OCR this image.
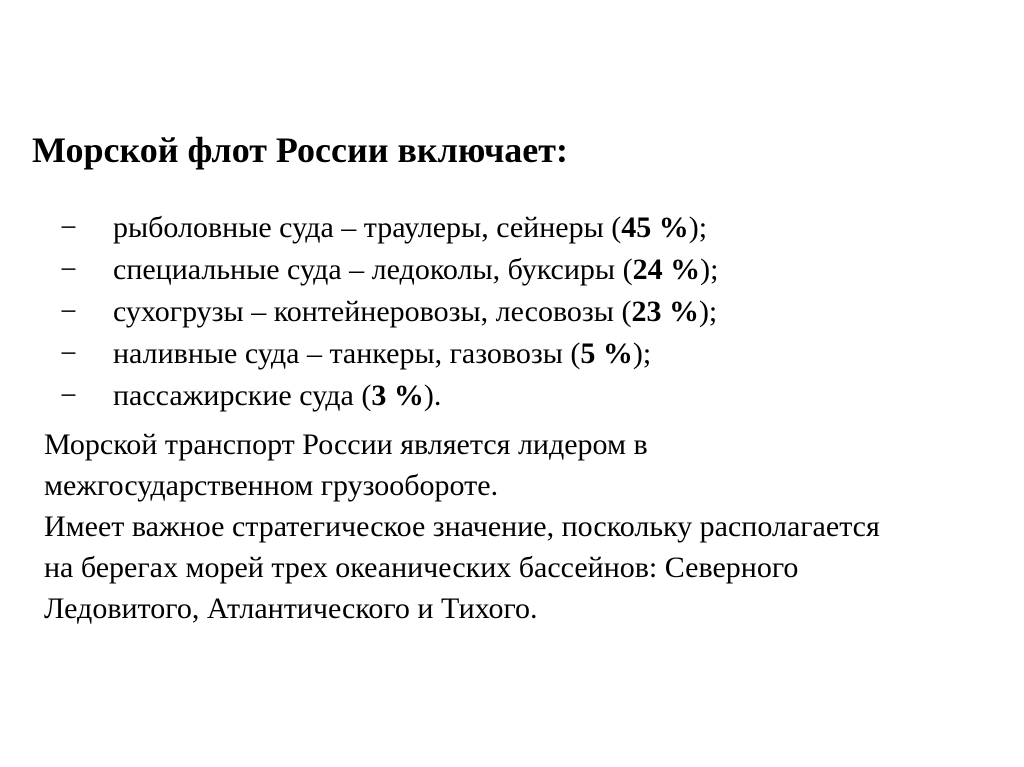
Морской флот России включает:
−	рыболовные суда – траулеры, сейнеры (45 %);
−	специальные суда – ледоколы, буксиры (24 %);
−	сухогрузы – контейнеровозы, лесовозы (23 %);
−	наливные суда – танкеры, газовозы (5 %);
−	пассажирские суда (3 %).
Морской транспорт России является лидером в
межгосударственном грузообороте.
Имеет важное стратегическое значение, поскольку располагается
на берегах морей трех океанических бассейнов: Северного
Ледовитого, Атлантического и Тихого.
